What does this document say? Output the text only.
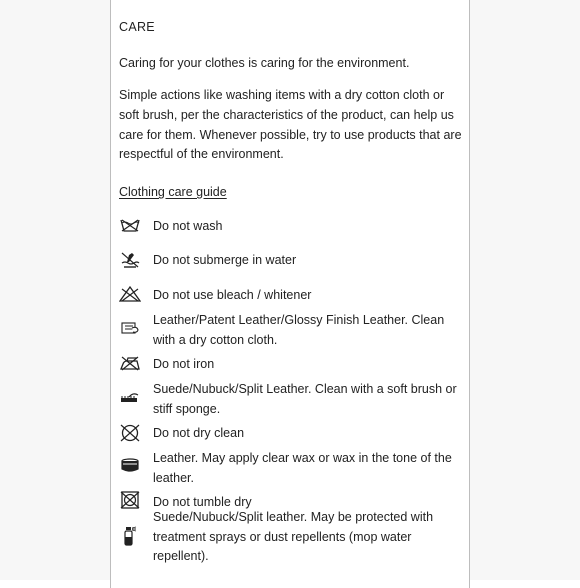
CARE
Caring for your clothes is caring for the environment.
Simple actions like washing items with a dry cotton cloth or soft brush, per the characteristics of the product, can help us care for them. Whenever possible, try to use products that are respectful of the environment.
Clothing care guide
Do not wash
Do not submerge in water
Do not use bleach / whitener
Leather/Patent Leather/Glossy Finish Leather. Clean with a dry cotton cloth.
Do not iron
Suede/Nubuck/Split Leather. Clean with a soft brush or stiff sponge.
Do not dry clean
Leather. May apply clear wax or wax in the tone of the leather.
Do not tumble dry
Suede/Nubuck/Split leather. May be protected with treatment sprays or dust repellents (mop water repellent).
